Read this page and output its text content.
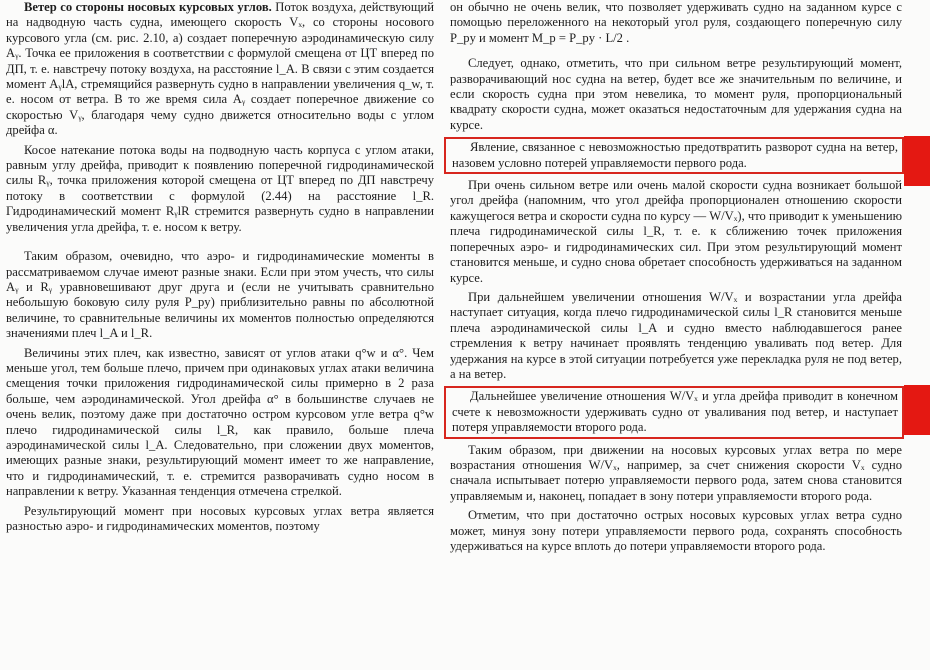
Ветер со стороны носовых курсовых углов. Поток воздуха, действующий на надводную часть судна, имеющего скорость Vₓ, со стороны носового курсового угла (см. рис. 2.10, а) создает поперечную аэродинамическую силу Aᵧ. Точка ее приложения в соответствии с формулой смещена от ЦТ вперед по ДП, т. е. навстречу потоку воздуха, на расстояние l_A. В связи с этим создается момент AᵧlA, стремящийся развернуть судно в направлении увеличения q_w, т. е. носом от ветра. В то же время сила Aᵧ создает поперечное движение со скоростью Vᵧ, благодаря чему судно движется относительно воды с углом дрейфа α.

Косое натекание потока воды на подводную часть корпуса с углом атаки, равным углу дрейфа, приводит к появлению поперечной гидродинамической силы Rᵧ, точка приложения которой смещена от ЦТ вперед по ДП навстречу потоку в соответствии с формулой (2.44) на расстояние l_R. Гидродинамический момент RᵧlR стремится развернуть судно в направлении увеличения угла дрейфа, т. е. носом к ветру.

Таким образом, очевидно, что аэро- и гидродинамические моменты в рассматриваемом случае имеют разные знаки. Если при этом учесть, что силы Aᵧ и Rᵧ уравновешивают друг друга и (если не учитывать сравнительно небольшую боковую силу руля P_py) приблизительно равны по абсолютной величине, то сравнительные величины их моментов полностью определяются значениями плеч l_A и l_R.

Величины этих плеч, как известно, зависят от углов атаки q°w и α°. Чем меньше угол, тем больше плечо, причем при одинаковых углах атаки величина смещения точки приложения гидродинамической силы примерно в 2 раза больше, чем аэродинамической. Угол дрейфа α° в большинстве случаев не очень велик, поэтому даже при достаточно остром курсовом угле ветра q°w плечо гидродинамической силы l_R, как правило, больше плеча аэродинамической силы l_A. Следовательно, при сложении двух моментов, имеющих разные знаки, результирующий момент имеет то же направление, что и гидродинамический, т. е. стремится разворачивать судно носом в направлении к ветру. Указанная тенденция отмечена стрелкой.

Результирующий момент при носовых курсовых углах ветра является разностью аэро- и гидродинамических моментов, поэтому

он обычно не очень велик, что позволяет удерживать судно на заданном курсе с помощью переложенного на некоторый угол руля, создающего поперечную силу P_py и момент M_p = P_py · L/2 .

Следует, однако, отметить, что при сильном ветре результирующий момент, разворачивающий нос судна на ветер, будет все же значительным по величине, и если скорость судна при этом невелика, то момент руля, пропорциональный квадрату скорости судна, может оказаться недостаточным для удержания судна на курсе.

Явление, связанное с невозможностью предотвратить разворот судна на ветер, назовем условно потерей управляемости первого рода.

При очень сильном ветре или очень малой скорости судна возникает большой угол дрейфа (напомним, что угол дрейфа пропорционален отношению скорости кажущегося ветра и скорости судна по курсу — W/Vₓ), что приводит к уменьшению плеча гидродинамической силы l_R, т. е. к сближению точек приложения поперечных аэро- и гидродинамических сил. При этом результирующий момент становится меньше, и судно снова обретает способность удерживаться на заданном курсе.

При дальнейшем увеличении отношения W/Vₓ и возрастании угла дрейфа наступает ситуация, когда плечо гидродинамической силы l_R становится меньше плеча аэродинамической силы l_A и судно вместо наблюдавшегося ранее стремления к ветру начинает проявлять тенденцию уваливать под ветер. Для удержания на курсе в этой ситуации потребуется уже перекладка руля не под ветер, а на ветер.

Дальнейшее увеличение отношения W/Vₓ и угла дрейфа приводит в конечном счете к невозможности удерживать судно от уваливания под ветер, и наступает потеря управляемости второго рода.

Таким образом, при движении на носовых курсовых углах ветра по мере возрастания отношения W/Vₓ, например, за счет снижения скорости Vₓ судно сначала испытывает потерю управляемости первого рода, затем снова становится управляемым и, наконец, попадает в зону потери управляемости второго рода.

Отметим, что при достаточно острых носовых курсовых углах ветра судно может, минуя зону потери управляемости первого рода, сохранять способность удерживаться на курсе вплоть до потери управляемости второго рода.
